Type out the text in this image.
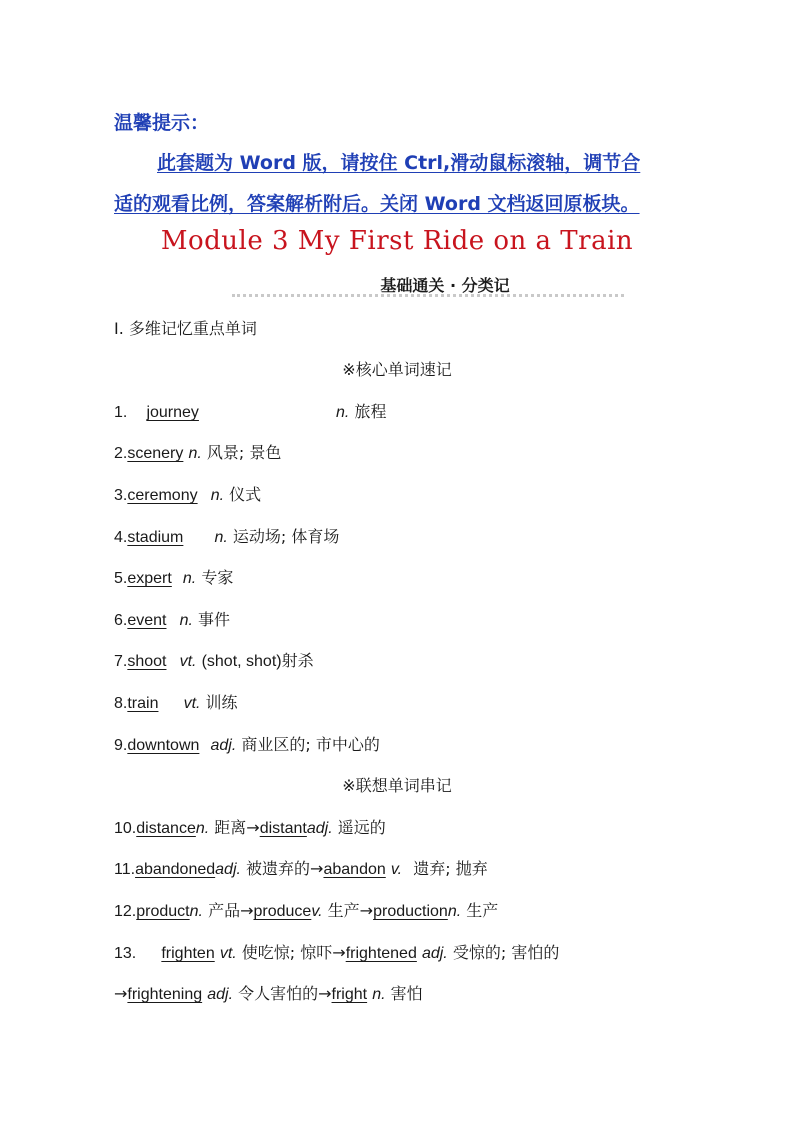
温馨提示：
此套题为 Word 版，请按住 Ctrl,滑动鼠标滚轴，调节合
适的观看比例，答案解析附后。关闭 Word 文档返回原板块。
Module 3 My First Ride on a Train
基础通关 · 分类记
Ⅰ. 多维记忆重点单词
※核心单词速记
1. journey	n. 旅程
2.scenery n. 风景; 景色
3.ceremony n. 仪式
4.stadium n. 运动场; 体育场
5.expert n. 专家
6.event n. 事件
7.shoot vt. (shot, shot)射杀
8.train vt. 训练
9.downtown adj. 商业区的; 市中心的
※联想单词串记
10.distancen. 距离→distantadj. 遥远的
11.abandonedadj. 被遗弃的→abandon v. 遗弃; 抛弃
12.productn. 产品→producev. 生产→productionn. 生产
13. frighten vt. 使吃惊; 惊吓→frightened adj. 受惊的; 害怕的
→frightening adj. 令人害怕的→fright n. 害怕
